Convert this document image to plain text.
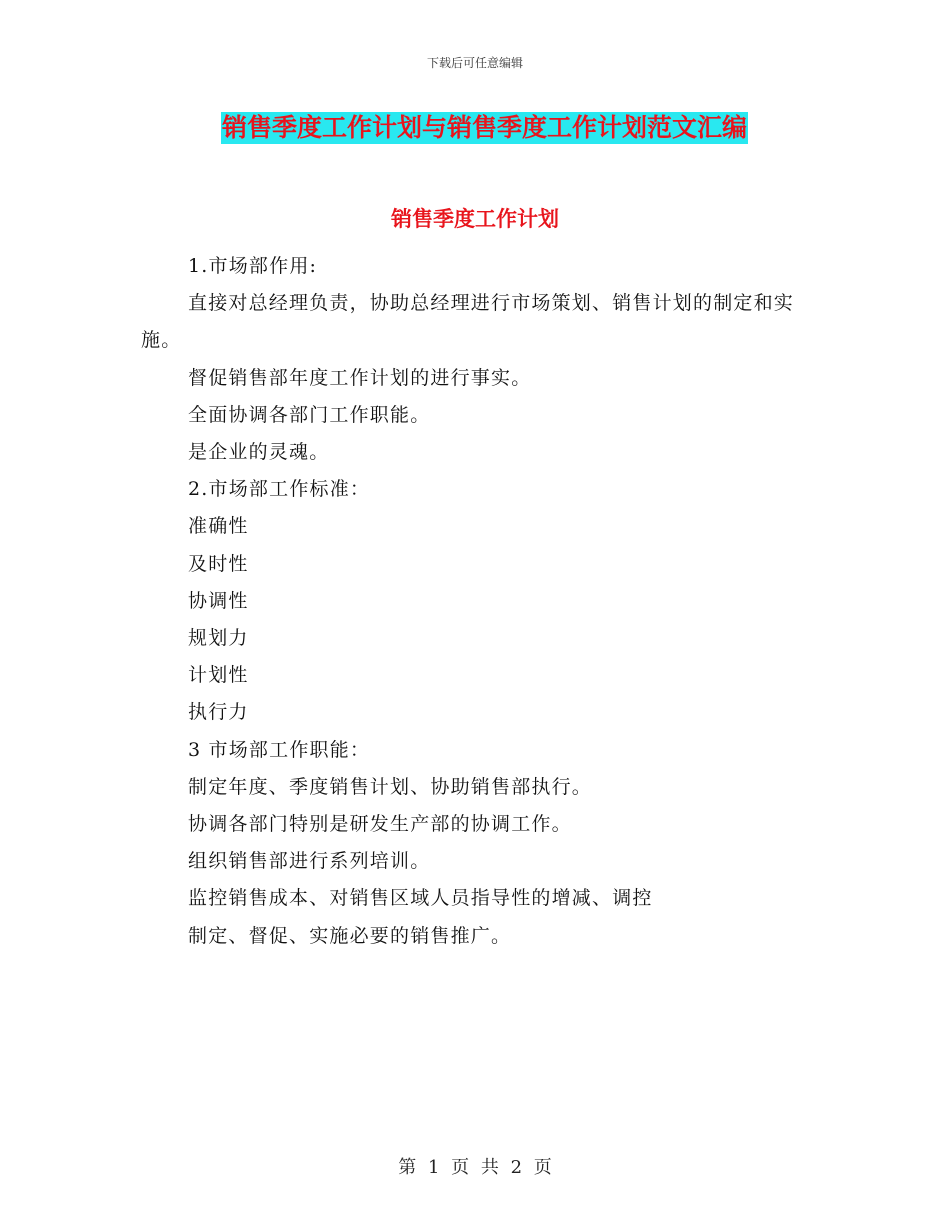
下载后可任意编辑
销售季度工作计划与销售季度工作计划范文汇编
销售季度工作计划

1.市场部作用:

直接对总经理负责，协助总经理进行市场策划、销售计划的制定和实施。

督促销售部年度工作计划的进行事实。

全面协调各部门工作职能。

是企业的灵魂。

2.市场部工作标准：

准确性

及时性

协调性

规划力

计划性

执行力

3 市场部工作职能：

制定年度、季度销售计划、协助销售部执行。

协调各部门特别是研发生产部的协调工作。

组织销售部进行系列培训。

监控销售成本、对销售区域人员指导性的增减、调控

制定、督促、实施必要的销售推广。

第 1 页 共 2 页
